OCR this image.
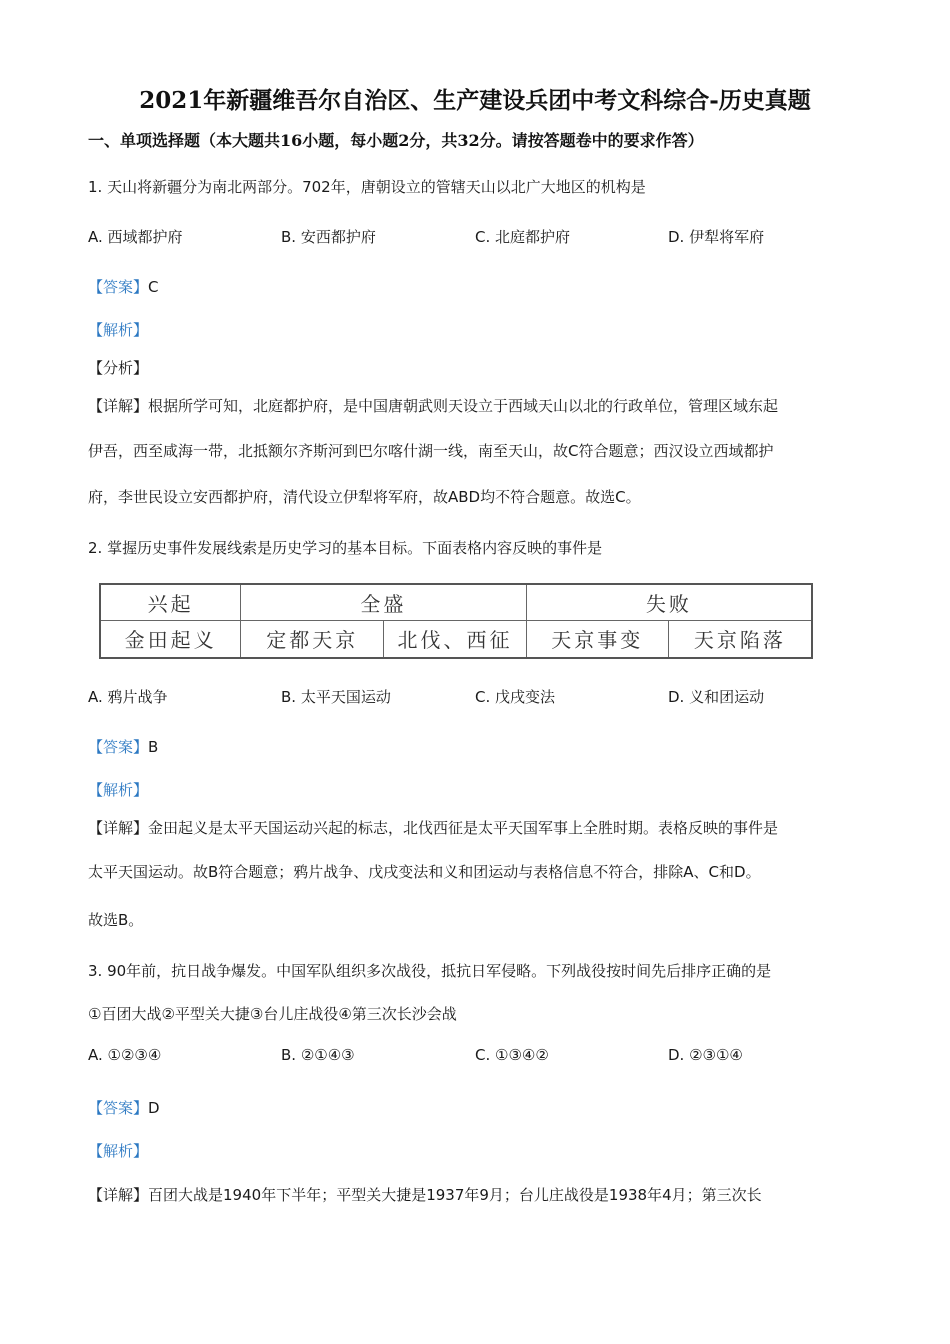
2021年新疆维吾尔自治区、生产建设兵团中考文科综合-历史真题
一、单项选择题（本大题共16小题，每小题2分，共32分。请按答题卷中的要求作答）
1. 天山将新疆分为南北两部分。702年，唐朝设立的管辖天山以北广大地区的机构是
A. 西域都护府	B. 安西都护府	C. 北庭都护府	D. 伊犁将军府
【答案】C
【解析】
【分析】
【详解】根据所学可知，北庭都护府，是中国唐朝武则天设立于西域天山以北的行政单位，管理区域东起
伊吾，西至咸海一带，北抵额尔齐斯河到巴尔喀什湖一线，南至天山，故C符合题意；西汉设立西域都护
府，李世民设立安西都护府，清代设立伊犁将军府，故ABD均不符合题意。故选C。
2. 掌握历史事件发展线索是历史学习的基本目标。下面表格内容反映的事件是
兴起	全盛		失败	
金田起义	定都天京	北伐、西征	天京事变	天京陷落
A. 鸦片战争	B. 太平天国运动	C. 戊戌变法	D. 义和团运动
【答案】B
【解析】
【详解】金田起义是太平天国运动兴起的标志，北伐西征是太平天国军事上全胜时期。表格反映的事件是
太平天国运动。故B符合题意；鸦片战争、戊戌变法和义和团运动与表格信息不符合，排除A、C和D。
故选B。
3. 90年前，抗日战争爆发。中国军队组织多次战役，抵抗日军侵略。下列战役按时间先后排序正确的是
①百团大战②平型关大捷③台儿庄战役④第三次长沙会战
A. ①②③④	B. ②①④③	C. ①③④②	D. ②③①④
【答案】D
【解析】
【详解】百团大战是1940年下半年；平型关大捷是1937年9月；台儿庄战役是1938年4月；第三次长
